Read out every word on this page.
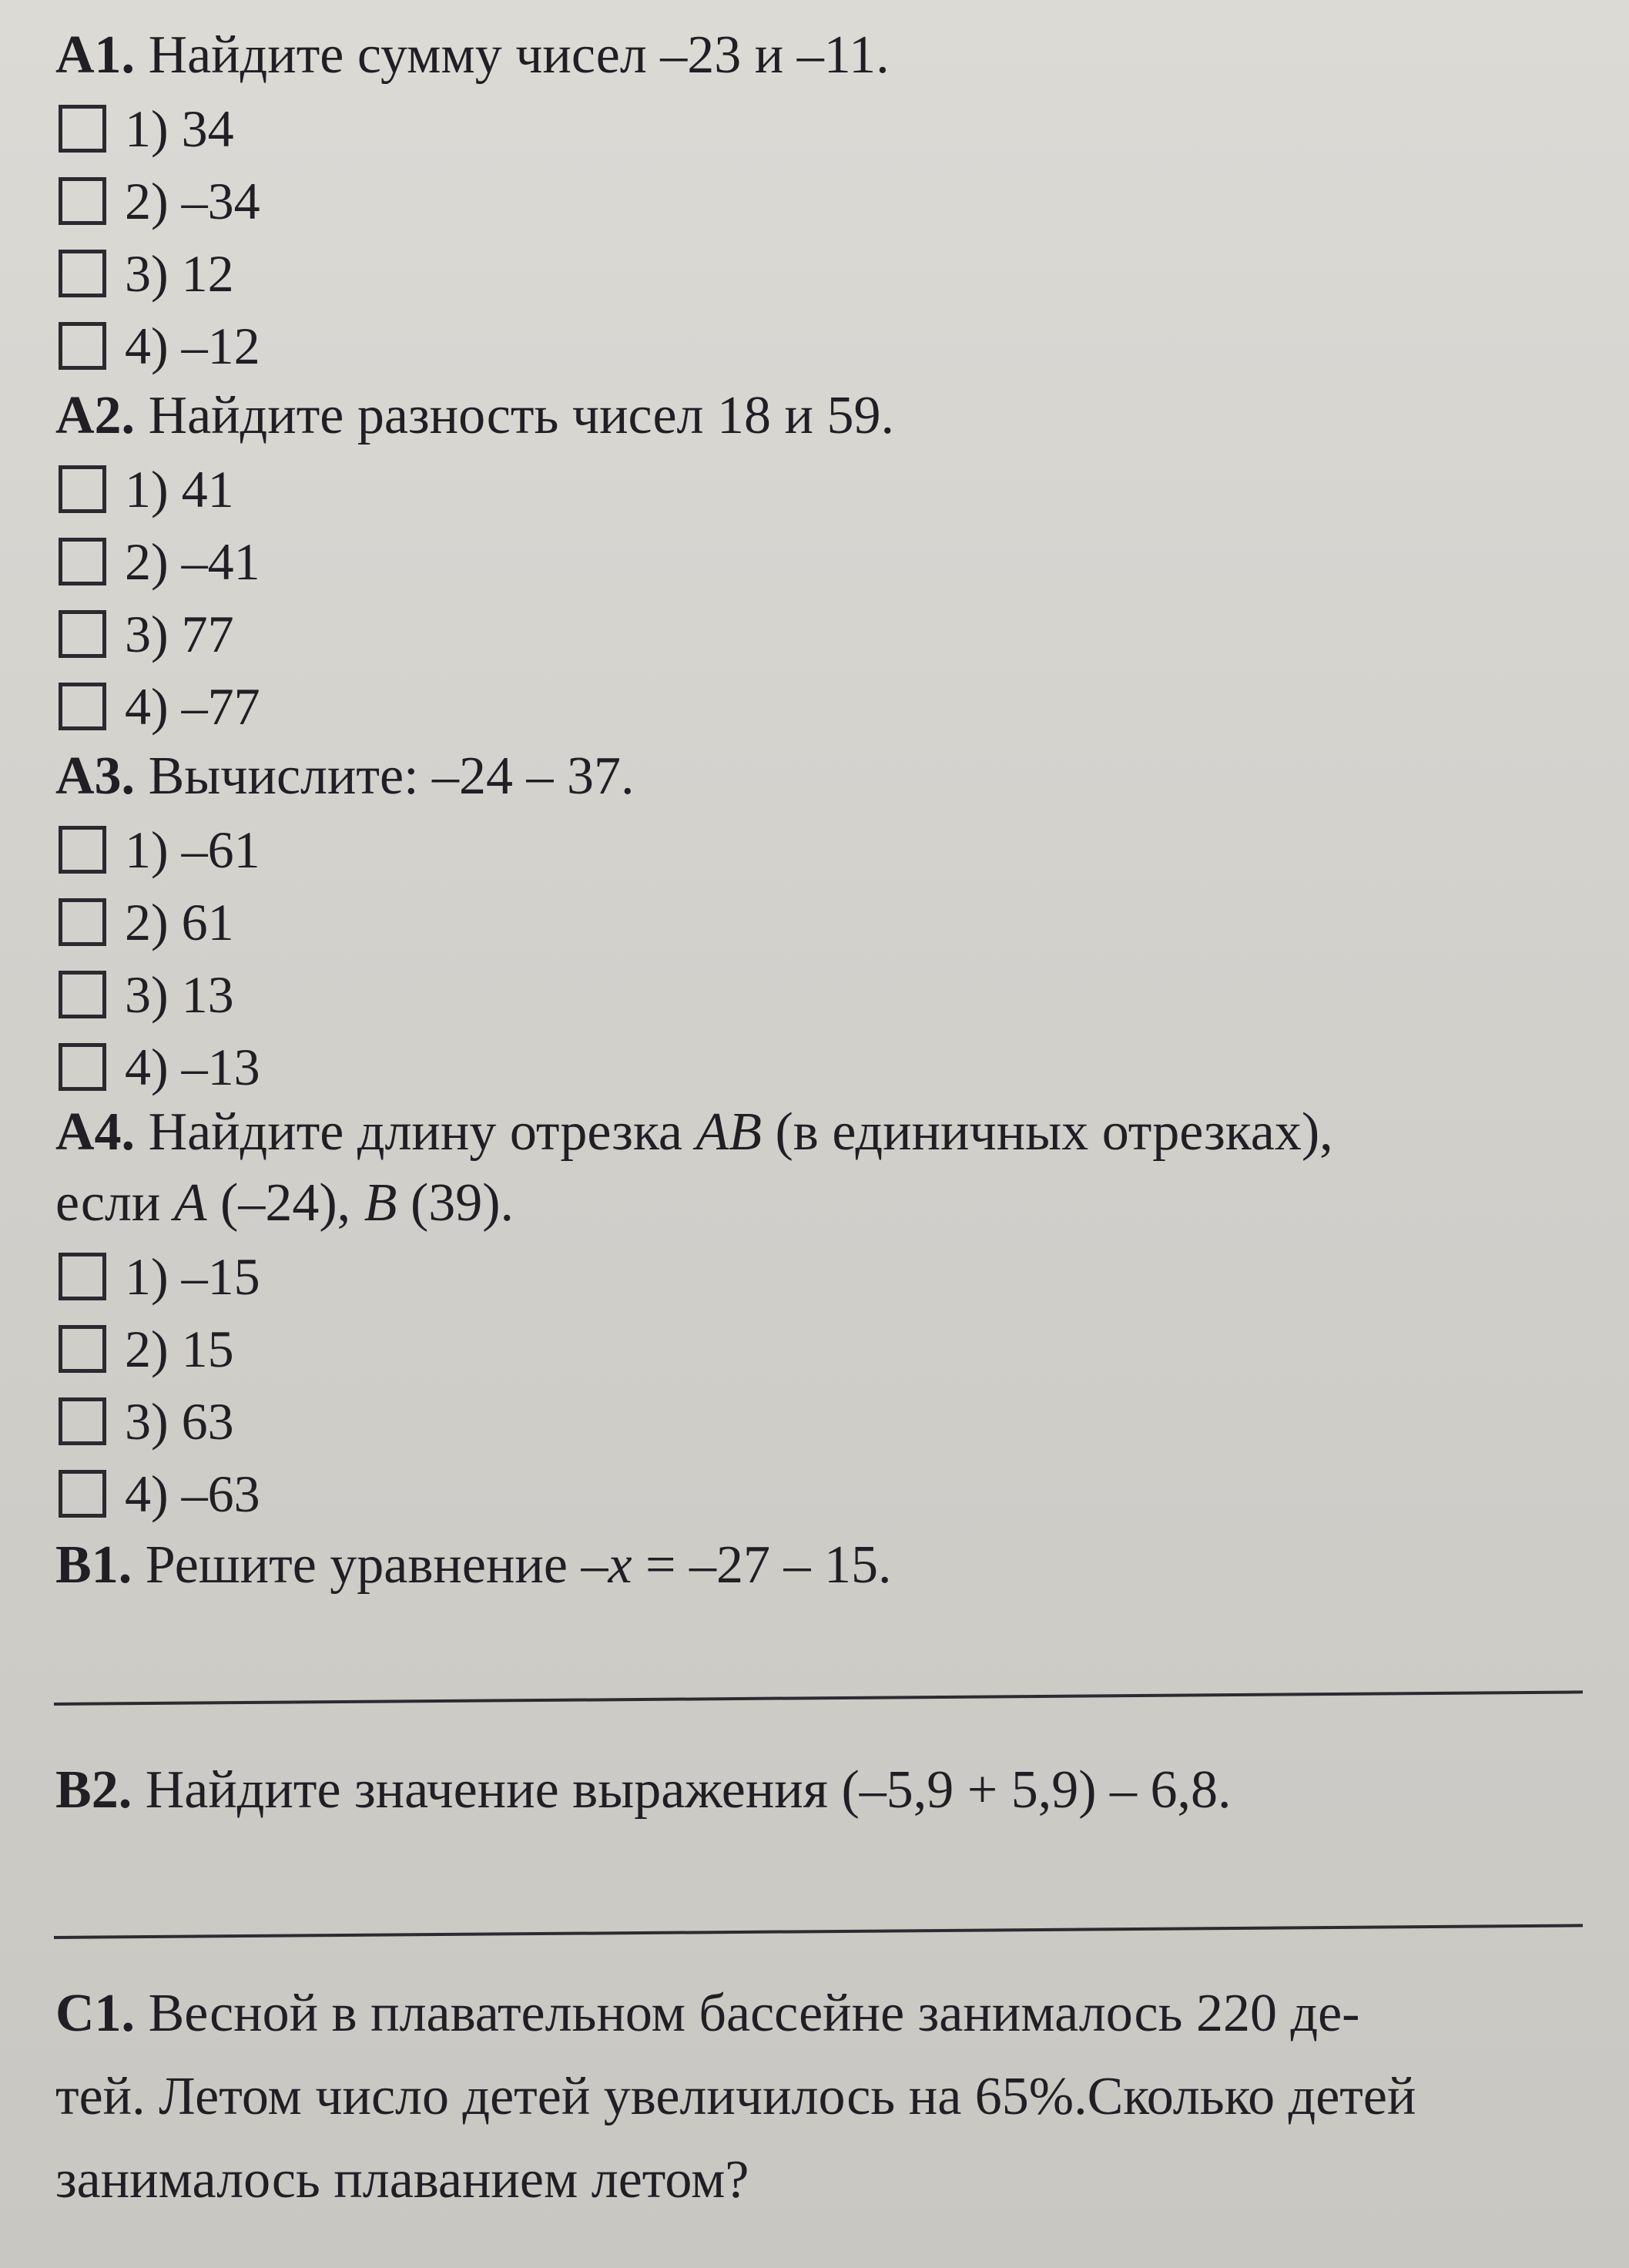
А1. Найдите сумму чисел –23 и –11.
1) 34
2) –34
3) 12
4) –12
А2. Найдите разность чисел 18 и 59.
1) 41
2) –41
3) 77
4) –77
А3. Вычислите: –24 – 37.
1) –61
2) 61
3) 13
4) –13
А4. Найдите длину отрезка АВ (в единичных отрезках),
если А (–24), В (39).
1) –15
2) 15
3) 63
4) –63
В1. Решите уравнение –x = –27 – 15.
В2. Найдите значение выражения (–5,9 + 5,9) – 6,8.
С1. Весной в плавательном бассейне занималось 220 де-
тей. Летом число детей увеличилось на 65%.Сколько детей
занималось плаванием летом?
